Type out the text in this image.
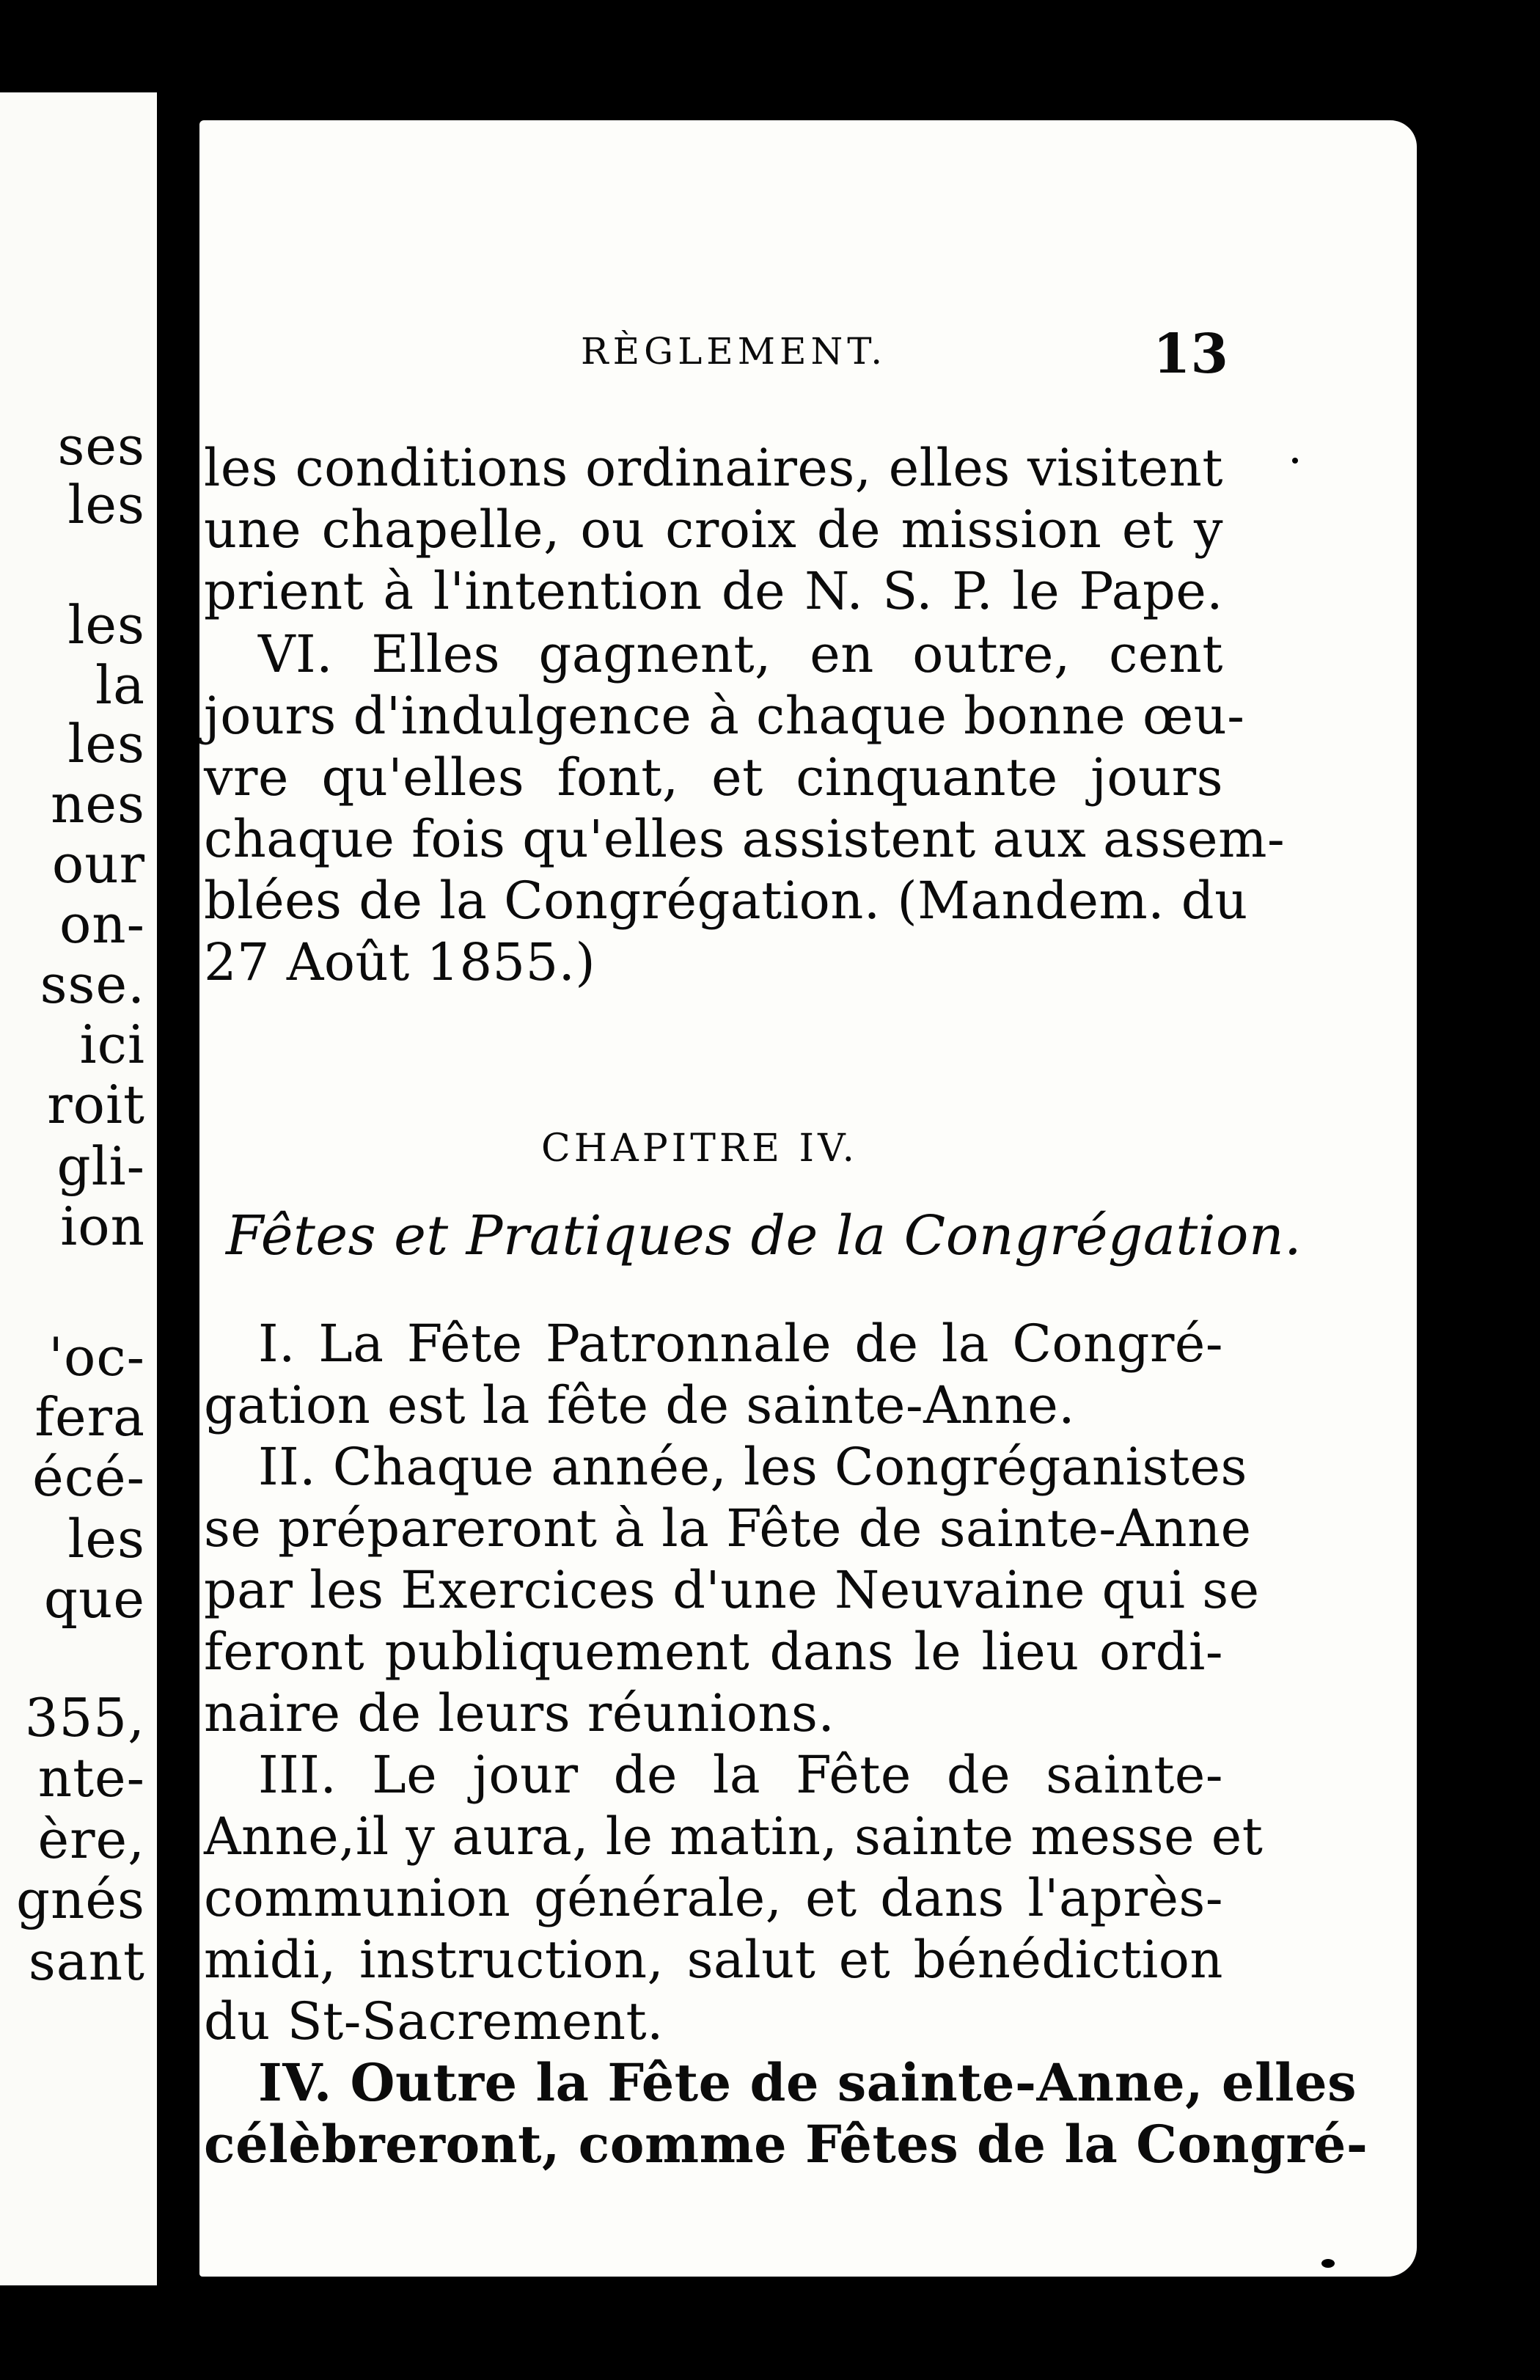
ses
les
les
la
les
nes
our
on-
sse.
ici
roit
gli-
ion
'oc-
fera
écé-
les
que
355,
nte-
ère,
gnés
sant
RÈGLEMENT.	13
les conditions ordinaires, elles visitent
une chapelle, ou croix de mission et y
prient à l'intention de N. S. P. le Pape.
VI. Elles gagnent, en outre, cent
jours d'indulgence à chaque bonne œu-
vre qu'elles font, et cinquante jours
chaque fois qu'elles assistent aux assem-
blées de la Congrégation. (Mandem. du
27 Août 1855.)
CHAPITRE IV.
Fêtes et Pratiques de la Congrégation.
I. La Fête Patronnale de la Congré-
gation est la fête de sainte-Anne.
II. Chaque année, les Congréganistes
se prépareront à la Fête de sainte-Anne
par les Exercices d'une Neuvaine qui se
feront publiquement dans le lieu ordi-
naire de leurs réunions.
III. Le jour de la Fête de sainte-
Anne,il y aura, le matin, sainte messe et
communion générale, et dans l'après-
midi, instruction, salut et bénédiction
du St-Sacrement.
IV. Outre la Fête de sainte-Anne, elles
célèbreront, comme Fêtes de la Congré-
